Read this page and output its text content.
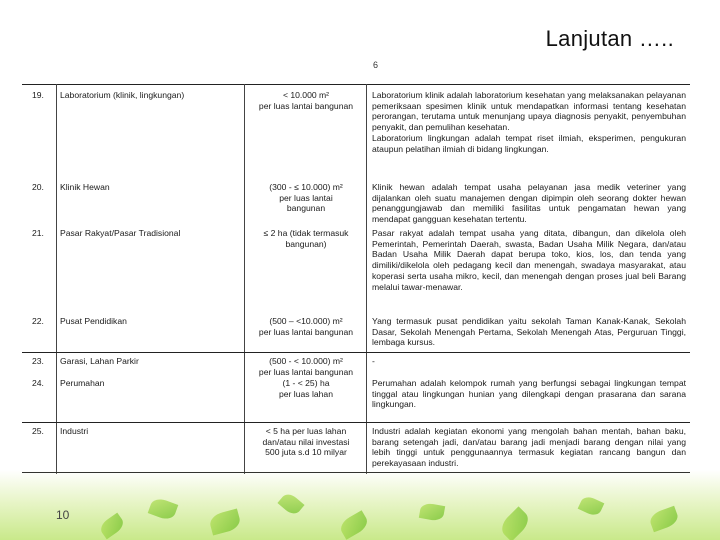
Lanjutan …..
6
19.	Laboratorium (klinik, lingkungan)	< 10.000 m²
per luas lantai bangunan
Laboratorium klinik adalah laboratorium kesehatan yang melaksanakan pelayanan pemeriksaan spesimen klinik untuk mendapatkan informasi tentang kesehatan perorangan, terutama untuk menunjang upaya diagnosis penyakit, penyembuhan penyakit, dan pemulihan kesehatan.
Laboratorium lingkungan adalah tempat riset ilmiah, eksperimen, pengukuran ataupun pelatihan ilmiah di bidang lingkungan.
20.	Klinik Hewan	(300 - ≤ 10.000) m²
per luas lantai
bangunan
Klinik hewan adalah tempat usaha pelayanan jasa medik veteriner yang dijalankan oleh suatu manajemen dengan dipimpin oleh seorang dokter hewan penanggungjawab dan memiliki fasilitas untuk pengamatan hewan yang mendapat gangguan kesehatan tertentu.
21.	Pasar Rakyat/Pasar Tradisional	≤ 2 ha (tidak termasuk
bangunan)
Pasar rakyat adalah tempat usaha yang ditata, dibangun, dan dikelola oleh Pemerintah, Pemerintah Daerah, swasta, Badan Usaha Milik Negara, dan/atau Badan Usaha Milik Daerah dapat berupa toko, kios, los, dan tenda yang dimiliki/dikelola oleh pedagang kecil dan menengah, swadaya masyarakat, atau koperasi serta usaha mikro, kecil, dan menengah dengan proses jual beli Barang melalui tawar-menawar.
22.	Pusat Pendidikan	(500 – <10.000) m²
per luas lantai bangunan
Yang termasuk pusat pendidikan yaitu sekolah Taman Kanak-Kanak, Sekolah Dasar, Sekolah Menengah Pertama, Sekolah Menengah Atas, Perguruan Tinggi, lembaga kursus.
23.	Garasi, Lahan Parkir	(500 - < 10.000) m²
per luas lantai bangunan
-
24.	Perumahan	(1 - < 25) ha
per luas lahan
Perumahan adalah kelompok rumah yang berfungsi sebagai lingkungan tempat tinggal atau lingkungan hunian yang dilengkapi dengan prasarana dan sarana lingkungan.
25.	Industri	< 5 ha per luas lahan
dan/atau nilai investasi
500 juta s.d 10 milyar
Industri adalah kegiatan ekonomi yang mengolah bahan mentah, bahan baku, barang setengah jadi, dan/atau barang jadi menjadi barang dengan nilai yang lebih tinggi untuk penggunaannya termasuk kegiatan rancang bangun dan perekayasaan industri.
10
